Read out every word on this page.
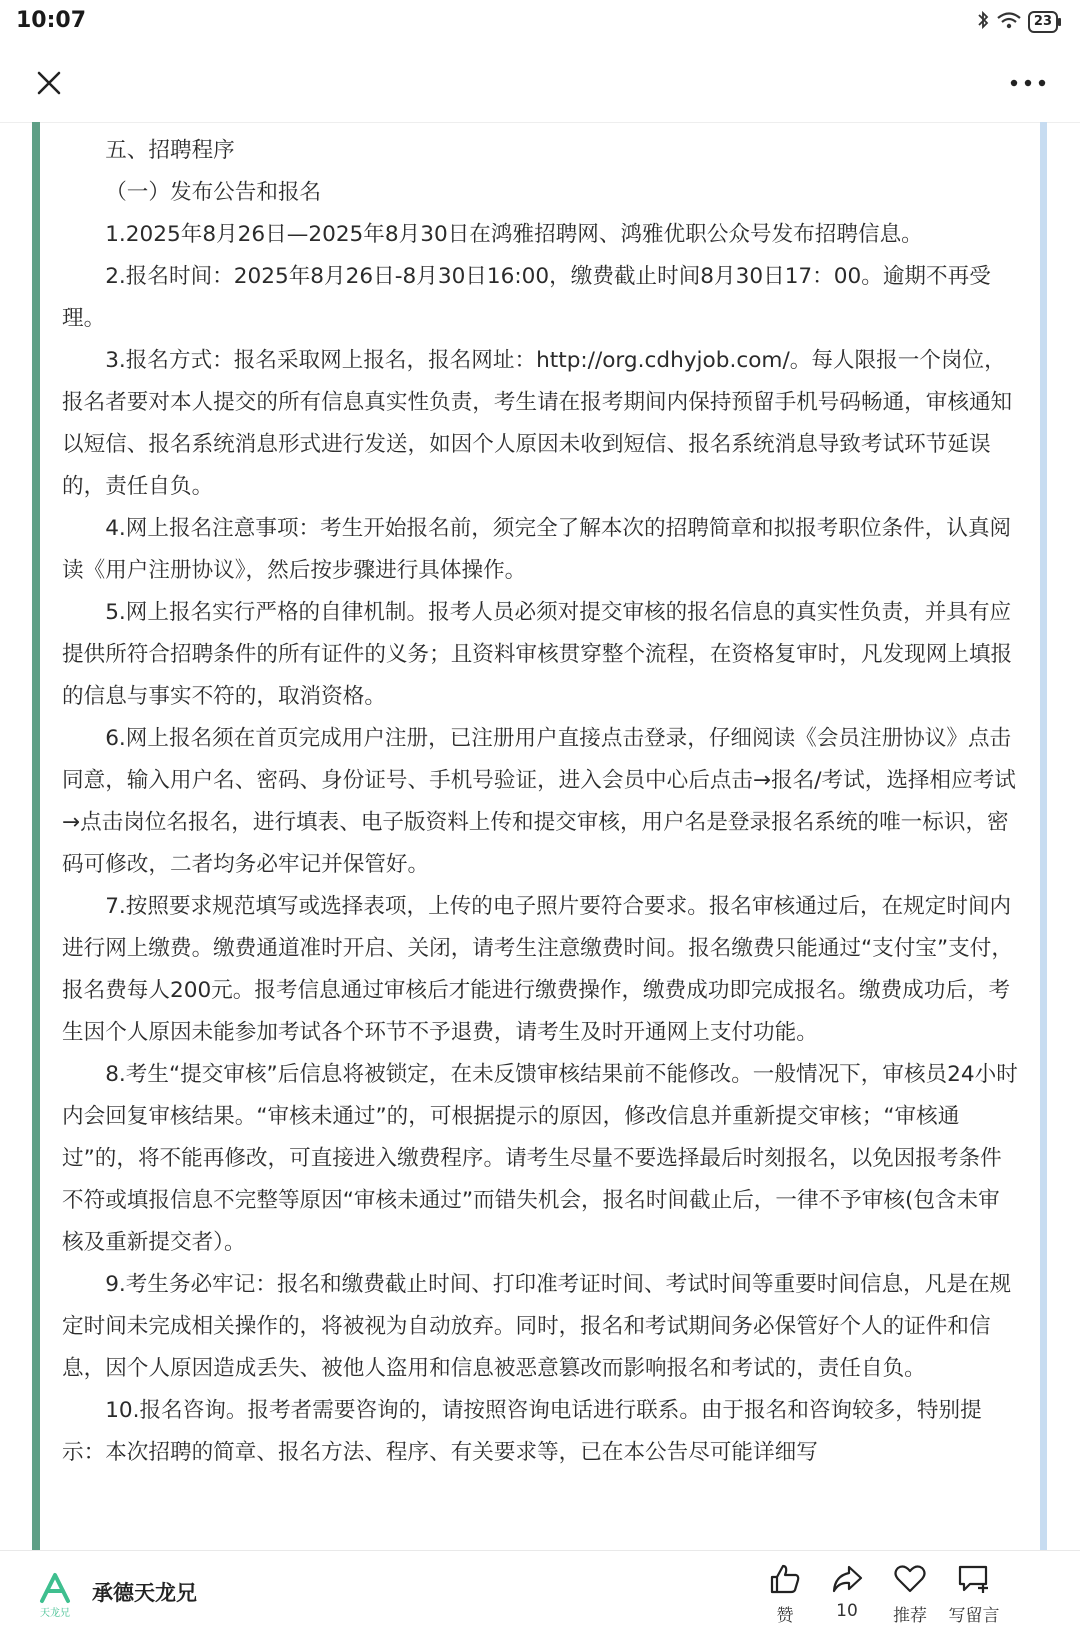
10:07	23

五、招聘程序

（一）发布公告和报名

1.2025年8月26日—2025年8月30日在鸿雅招聘网、鸿雅优职公众号发布招聘信息。

2.报名时间：2025年8月26日-8月30日16:00，缴费截止时间8月30日17：00。逾期不再受理。

3.报名方式：报名采取网上报名，报名网址：http://org.cdhyjob.com/。每人限报一个岗位，报名者要对本人提交的所有信息真实性负责，考生请在报考期间内保持预留手机号码畅通，审核通知以短信、报名系统消息形式进行发送，如因个人原因未收到短信、报名系统消息导致考试环节延误的，责任自负。

4.网上报名注意事项：考生开始报名前，须完全了解本次的招聘简章和拟报考职位条件，认真阅读《用户注册协议》，然后按步骤进行具体操作。

5.网上报名实行严格的自律机制。报考人员必须对提交审核的报名信息的真实性负责，并具有应提供所符合招聘条件的所有证件的义务；且资料审核贯穿整个流程，在资格复审时，凡发现网上填报的信息与事实不符的，取消资格。

6.网上报名须在首页完成用户注册，已注册用户直接点击登录，仔细阅读《会员注册协议》点击同意，输入用户名、密码、身份证号、手机号验证，进入会员中心后点击→报名/考试，选择相应考试→点击岗位名报名，进行填表、电子版资料上传和提交审核，用户名是登录报名系统的唯一标识，密码可修改，二者均务必牢记并保管好。

7.按照要求规范填写或选择表项，上传的电子照片要符合要求。报名审核通过后，在规定时间内进行网上缴费。缴费通道准时开启、关闭，请考生注意缴费时间。报名缴费只能通过“支付宝”支付，报名费每人200元。报考信息通过审核后才能进行缴费操作，缴费成功即完成报名。缴费成功后，考生因个人原因未能参加考试各个环节不予退费，请考生及时开通网上支付功能。

8.考生“提交审核”后信息将被锁定，在未反馈审核结果前不能修改。一般情况下，审核员24小时内会回复审核结果。“审核未通过”的，可根据提示的原因，修改信息并重新提交审核；“审核通过”的，将不能再修改，可直接进入缴费程序。请考生尽量不要选择最后时刻报名，以免因报考条件不符或填报信息不完整等原因“审核未通过”而错失机会，报名时间截止后，一律不予审核(包含未审核及重新提交者）。

9.考生务必牢记：报名和缴费截止时间、打印准考证时间、考试时间等重要时间信息，凡是在规定时间未完成相关操作的，将被视为自动放弃。同时，报名和考试期间务必保管好个人的证件和信息，因个人原因造成丢失、被他人盗用和信息被恶意篡改而影响报名和考试的，责任自负。

10.报名咨询。报考者需要咨询的，请按照咨询电话进行联系。由于报名和咨询较多，特别提示：本次招聘的简章、报名方法、程序、有关要求等，已在本公告尽可能详细写

天龙兄
承德天龙兄
赞	10	推荐	写留言
